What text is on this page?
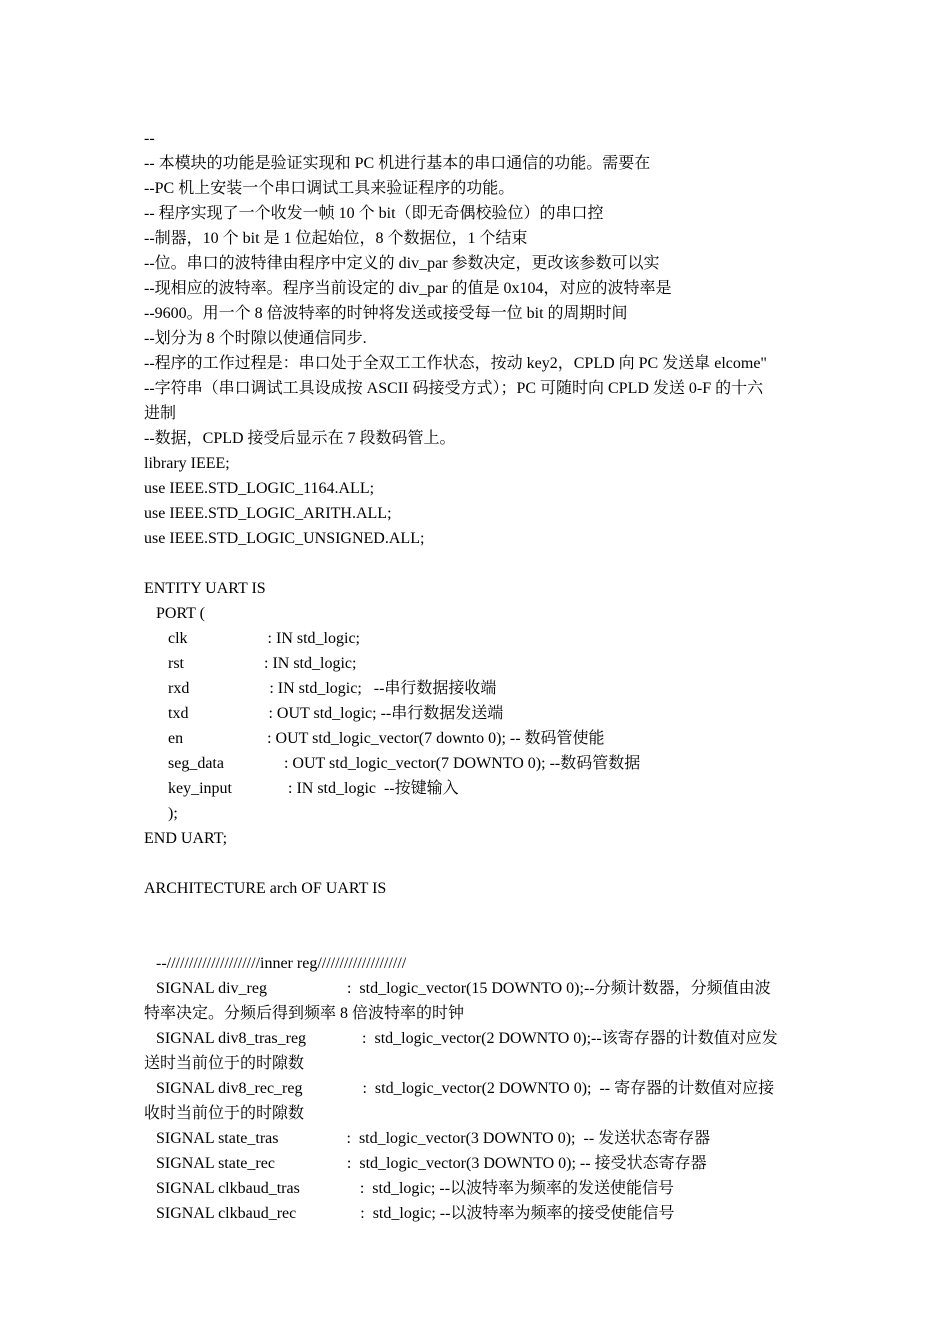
--
-- 本模块的功能是验证实现和 PC 机进行基本的串口通信的功能。需要在
--PC 机上安装一个串口调试工具来验证程序的功能。
-- 程序实现了一个收发一帧 10 个 bit（即无奇偶校验位）的串口控
--制器，10 个 bit 是 1 位起始位，8 个数据位，1 个结束
--位。串口的波特律由程序中定义的 div_par 参数决定，更改该参数可以实
--现相应的波特率。程序当前设定的 div_par 的值是 0x104，对应的波特率是
--9600。用一个 8 倍波特率的时钟将发送或接受每一位 bit 的周期时间
--划分为 8 个时隙以使通信同步.
--程序的工作过程是：串口处于全双工工作状态，按动 key2，CPLD 向 PC 发送皐 elcome"
--字符串（串口调试工具设成按 ASCII 码接受方式）；PC 可随时向 CPLD 发送 0-F 的十六
进制
--数据，CPLD 接受后显示在 7 段数码管上。
library IEEE;
use IEEE.STD_LOGIC_1164.ALL;
use IEEE.STD_LOGIC_ARITH.ALL;
use IEEE.STD_LOGIC_UNSIGNED.ALL;
ENTITY UART IS
PORT (
clk                    : IN std_logic;
rst                    : IN std_logic;
rxd                    : IN std_logic;   --串行数据接收端
txd                    : OUT std_logic; --串行数据发送端
en                     : OUT std_logic_vector(7 downto 0); -- 数码管使能
seg_data               : OUT std_logic_vector(7 DOWNTO 0); --数码管数据
key_input              : IN std_logic  --按键输入
);
END UART;
ARCHITECTURE arch OF UART IS
--/////////////////////inner reg////////////////////
SIGNAL div_reg                    :  std_logic_vector(15 DOWNTO 0);--分频计数器，分频值由波
特率决定。分频后得到频率 8 倍波特率的时钟
SIGNAL div8_tras_reg              :  std_logic_vector(2 DOWNTO 0);--该寄存器的计数值对应发
送时当前位于的时隙数
SIGNAL div8_rec_reg               :  std_logic_vector(2 DOWNTO 0);  -- 寄存器的计数值对应接
收时当前位于的时隙数
SIGNAL state_tras                 :  std_logic_vector(3 DOWNTO 0);  -- 发送状态寄存器
SIGNAL state_rec                  :  std_logic_vector(3 DOWNTO 0); -- 接受状态寄存器
SIGNAL clkbaud_tras               :  std_logic; --以波特率为频率的发送使能信号
SIGNAL clkbaud_rec                :  std_logic; --以波特率为频率的接受使能信号
